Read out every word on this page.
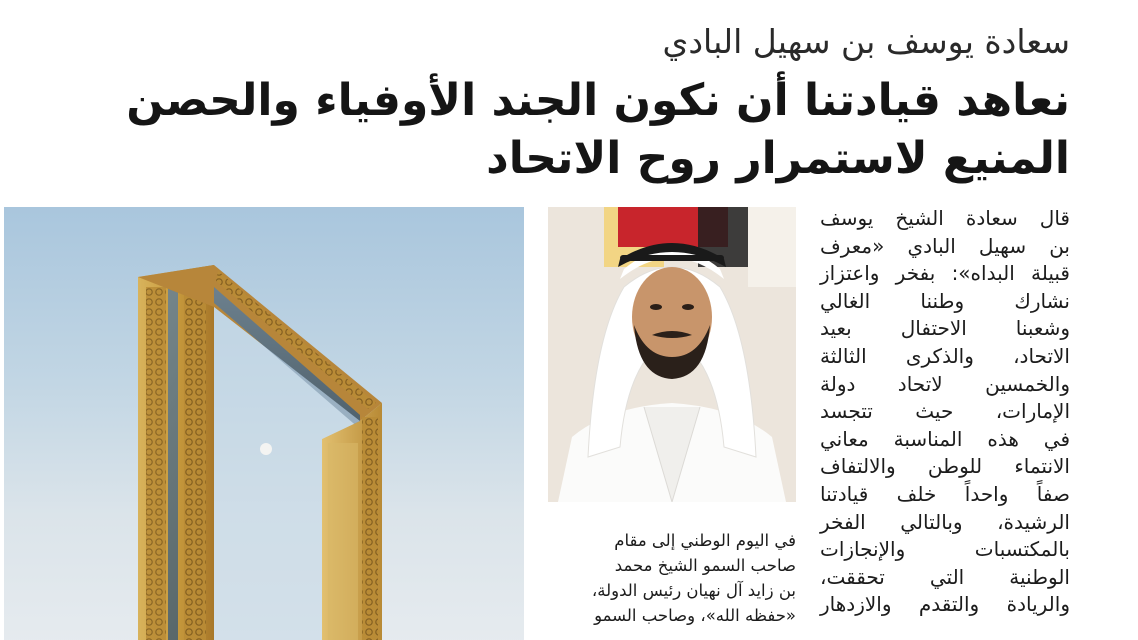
سعادة يوسف بن سهيل البادي
نعاهد قيادتنا أن نكون الجند الأوفياء والحصن
المنيع لاستمرار روح الاتحاد
قال سعادة الشيخ يوسف
بن سهيل البادي «معرف
قبيلة البداه»: بفخر واعتزاز
نشارك وطننا الغالي
وشعبنا الاحتفال بعيد
الاتحاد، والذكرى الثالثة
والخمسين لاتحاد دولة
الإمارات، حيث تتجسد
في هذه المناسبة معاني
الانتماء للوطن والالتفاف
صفاً واحداً خلف قيادتنا
الرشيدة، وبالتالي الفخر
بالمكتسبات والإنجازات
الوطنية التي تحققت،
والريادة والتقدم والازدهار
في اليوم الوطني إلى مقام
صاحب السمو الشيخ محمد
بن زايد آل نهيان رئيس الدولة،
«حفظه الله»، وصاحب السمو
